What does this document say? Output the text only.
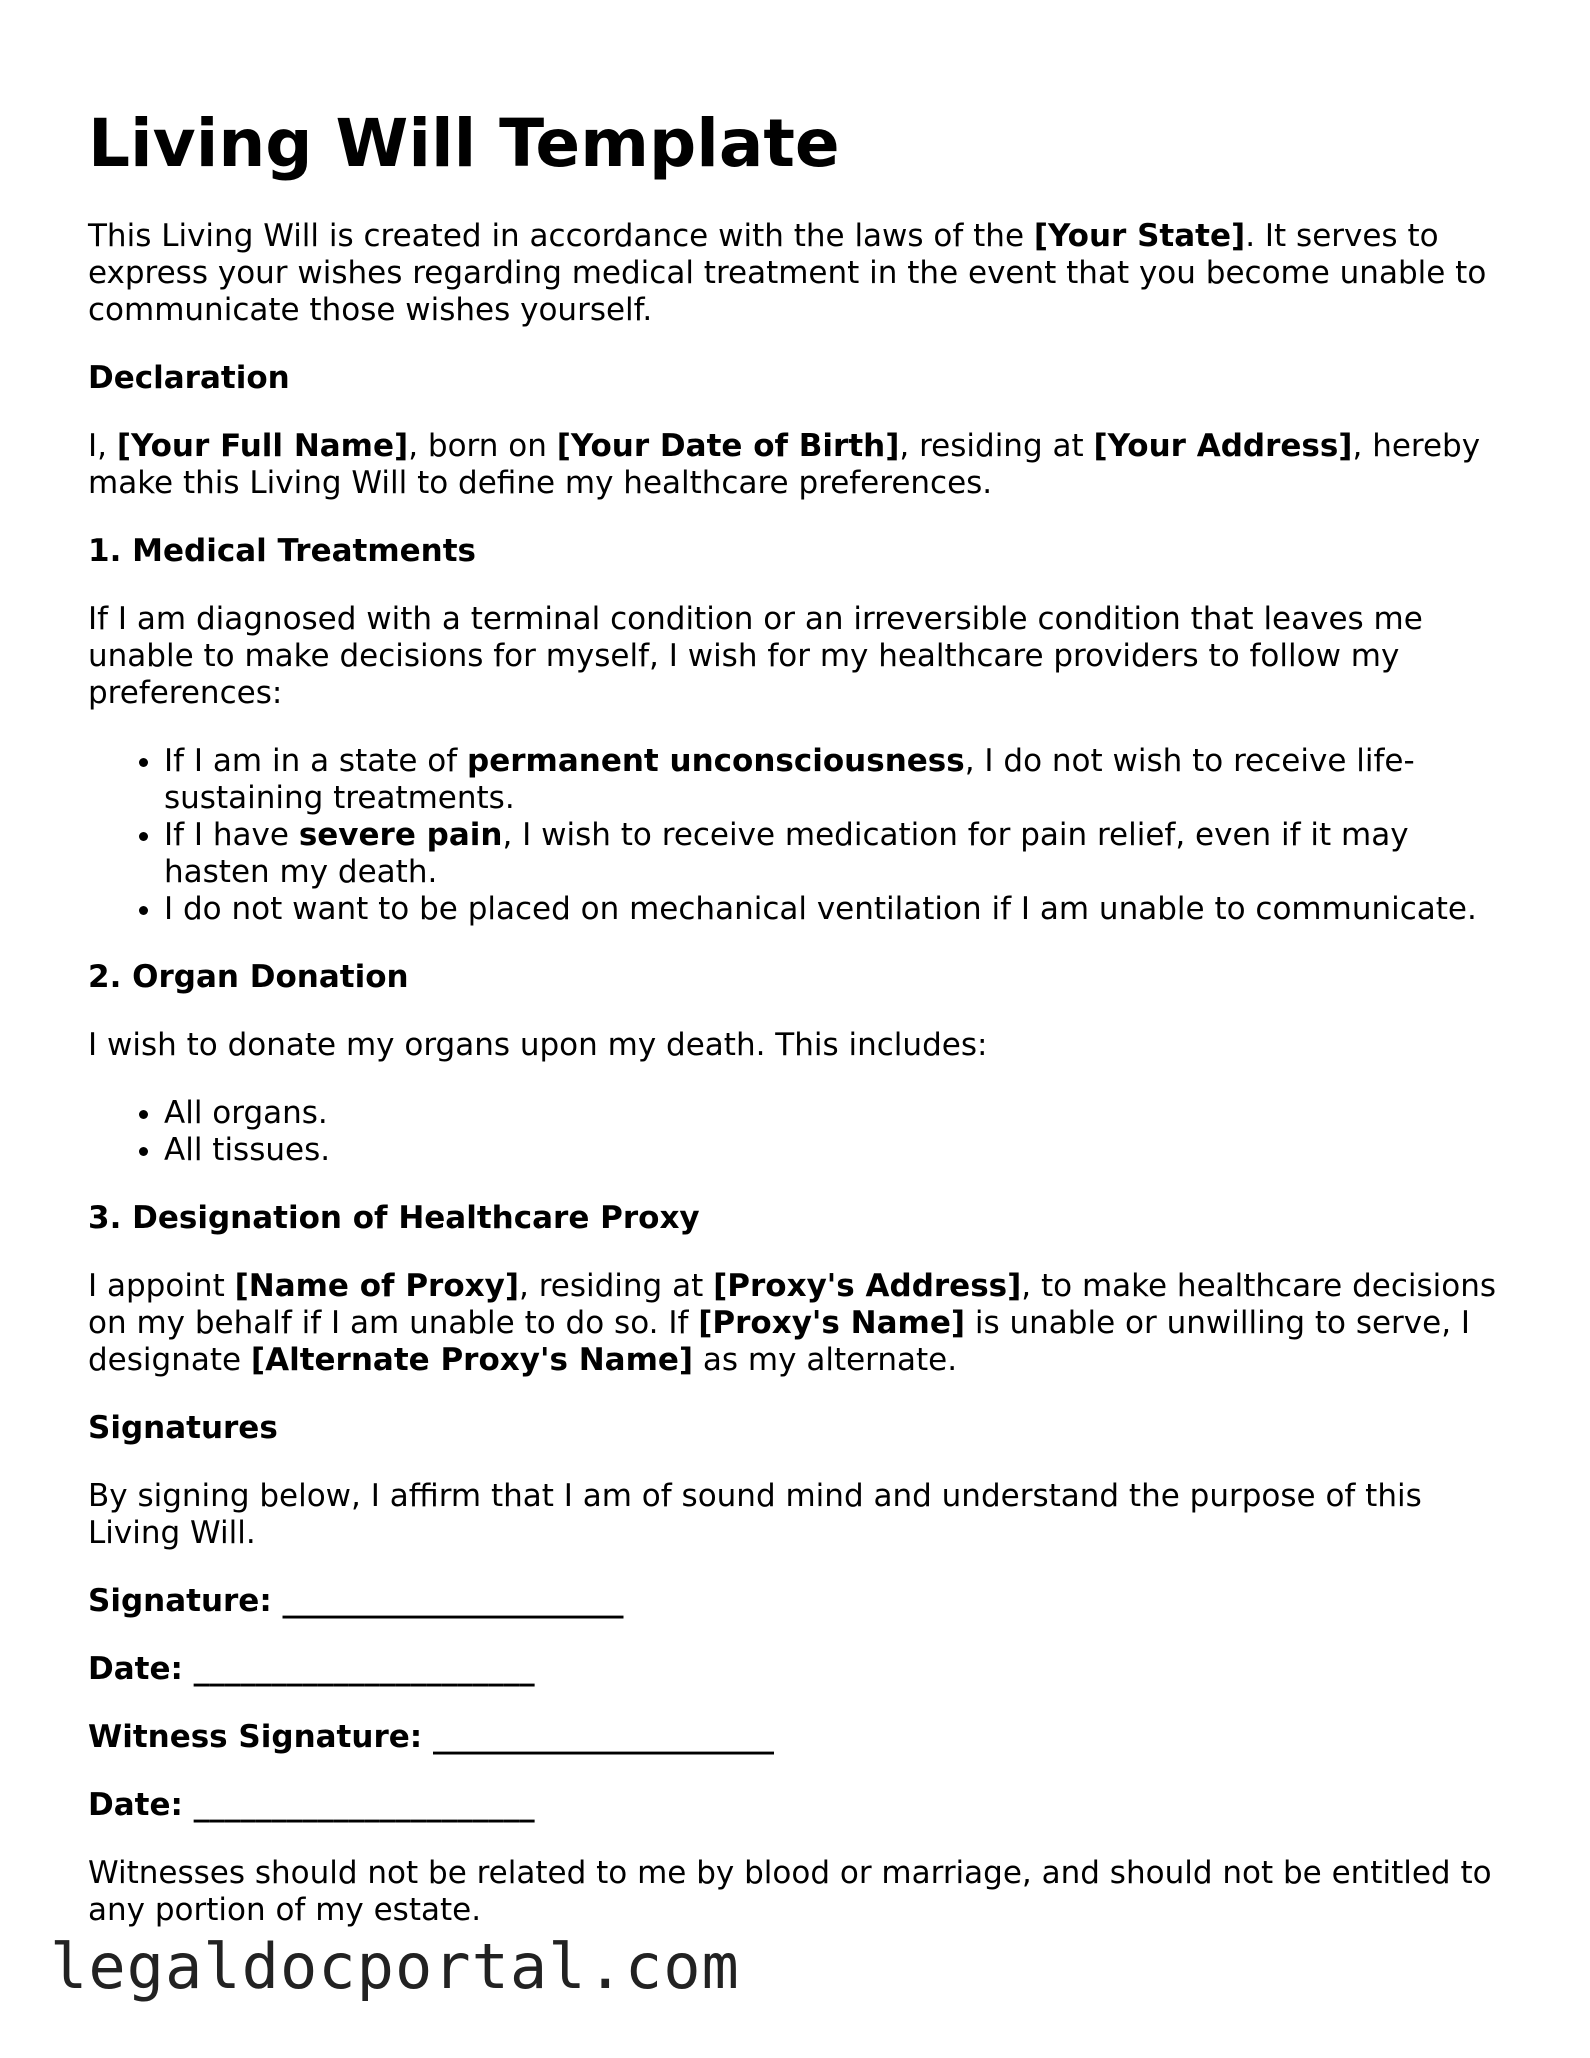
Living Will Template

This Living Will is created in accordance with the laws of the [Your State]. It serves to express your wishes regarding medical treatment in the event that you become unable to communicate those wishes yourself.

Declaration

I, [Your Full Name], born on [Your Date of Birth], residing at [Your Address], hereby make this Living Will to define my healthcare preferences.

1. Medical Treatments

If I am diagnosed with a terminal condition or an irreversible condition that leaves me unable to make decisions for myself, I wish for my healthcare providers to follow my preferences:

• If I am in a state of permanent unconsciousness, I do not wish to receive life-sustaining treatments.
• If I have severe pain, I wish to receive medication for pain relief, even if it may hasten my death.
• I do not want to be placed on mechanical ventilation if I am unable to communicate.
2. Organ Donation

I wish to donate my organs upon my death. This includes:

• All organs.
• All tissues.
3. Designation of Healthcare Proxy

I appoint [Name of Proxy], residing at [Proxy's Address], to make healthcare decisions on my behalf if I am unable to do so. If [Proxy's Name] is unable or unwilling to serve, I designate [Alternate Proxy's Name] as my alternate.

Signatures

By signing below, I affirm that I am of sound mind and understand the purpose of this Living Will.

Signature: ______________________
Date: ______________________
Witness Signature: ______________________
Date: ______________________

Witnesses should not be related to me by blood or marriage, and should not be entitled to any portion of my estate.

legaldocportal.com
